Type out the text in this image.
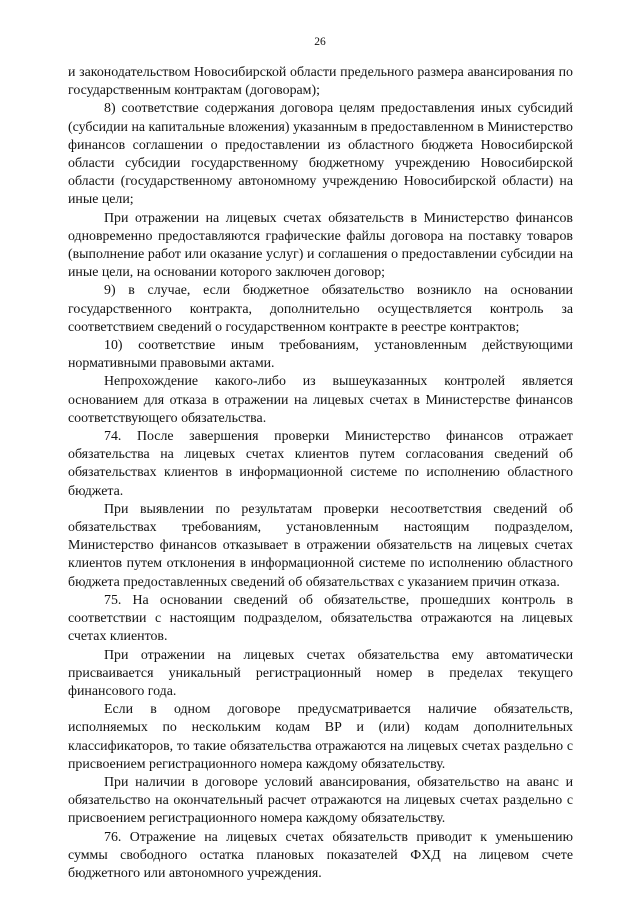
26

и законодательством Новосибирской области предельного размера авансирования по государственным контрактам (договорам);

8) соответствие содержания договора целям предоставления иных субсидий (субсидии на капитальные вложения) указанным в предоставленном в Министерство финансов соглашении о предоставлении из областного бюджета Новосибирской области субсидии государственному бюджетному учреждению Новосибирской области (государственному автономному учреждению Новосибирской области) на иные цели;

При отражении на лицевых счетах обязательств в Министерство финансов одновременно предоставляются графические файлы договора на поставку товаров (выполнение работ или оказание услуг) и соглашения о предоставлении субсидии на иные цели, на основании которого заключен договор;

9) в случае, если бюджетное обязательство возникло на основании государственного контракта, дополнительно осуществляется контроль за соответствием сведений о государственном контракте в реестре контрактов;

10) соответствие иным требованиям, установленным действующими нормативными правовыми актами.

Непрохождение какого-либо из вышеуказанных контролей является основанием для отказа в отражении на лицевых счетах в Министерстве финансов соответствующего обязательства.

74. После завершения проверки Министерство финансов отражает обязательства на лицевых счетах клиентов путем согласования сведений об обязательствах клиентов в информационной системе по исполнению областного бюджета.

При выявлении по результатам проверки несоответствия сведений об обязательствах требованиям, установленным настоящим подразделом, Министерство финансов отказывает в отражении обязательств на лицевых счетах клиентов путем отклонения в информационной системе по исполнению областного бюджета предоставленных сведений об обязательствах с указанием причин отказа.

75. На основании сведений об обязательстве, прошедших контроль в соответствии с настоящим подразделом, обязательства отражаются на лицевых счетах клиентов.

При отражении на лицевых счетах обязательства ему автоматически присваивается уникальный регистрационный номер в пределах текущего финансового года.

Если в одном договоре предусматривается наличие обязательств, исполняемых по нескольким кодам ВР и (или) кодам дополнительных классификаторов, то такие обязательства отражаются на лицевых счетах раздельно с присвоением регистрационного номера каждому обязательству.

При наличии в договоре условий авансирования, обязательство на аванс и обязательство на окончательный расчет отражаются на лицевых счетах раздельно с присвоением регистрационного номера каждому обязательству.

76. Отражение на лицевых счетах обязательств приводит к уменьшению суммы свободного остатка плановых показателей ФХД на лицевом счете бюджетного или автономного учреждения.
